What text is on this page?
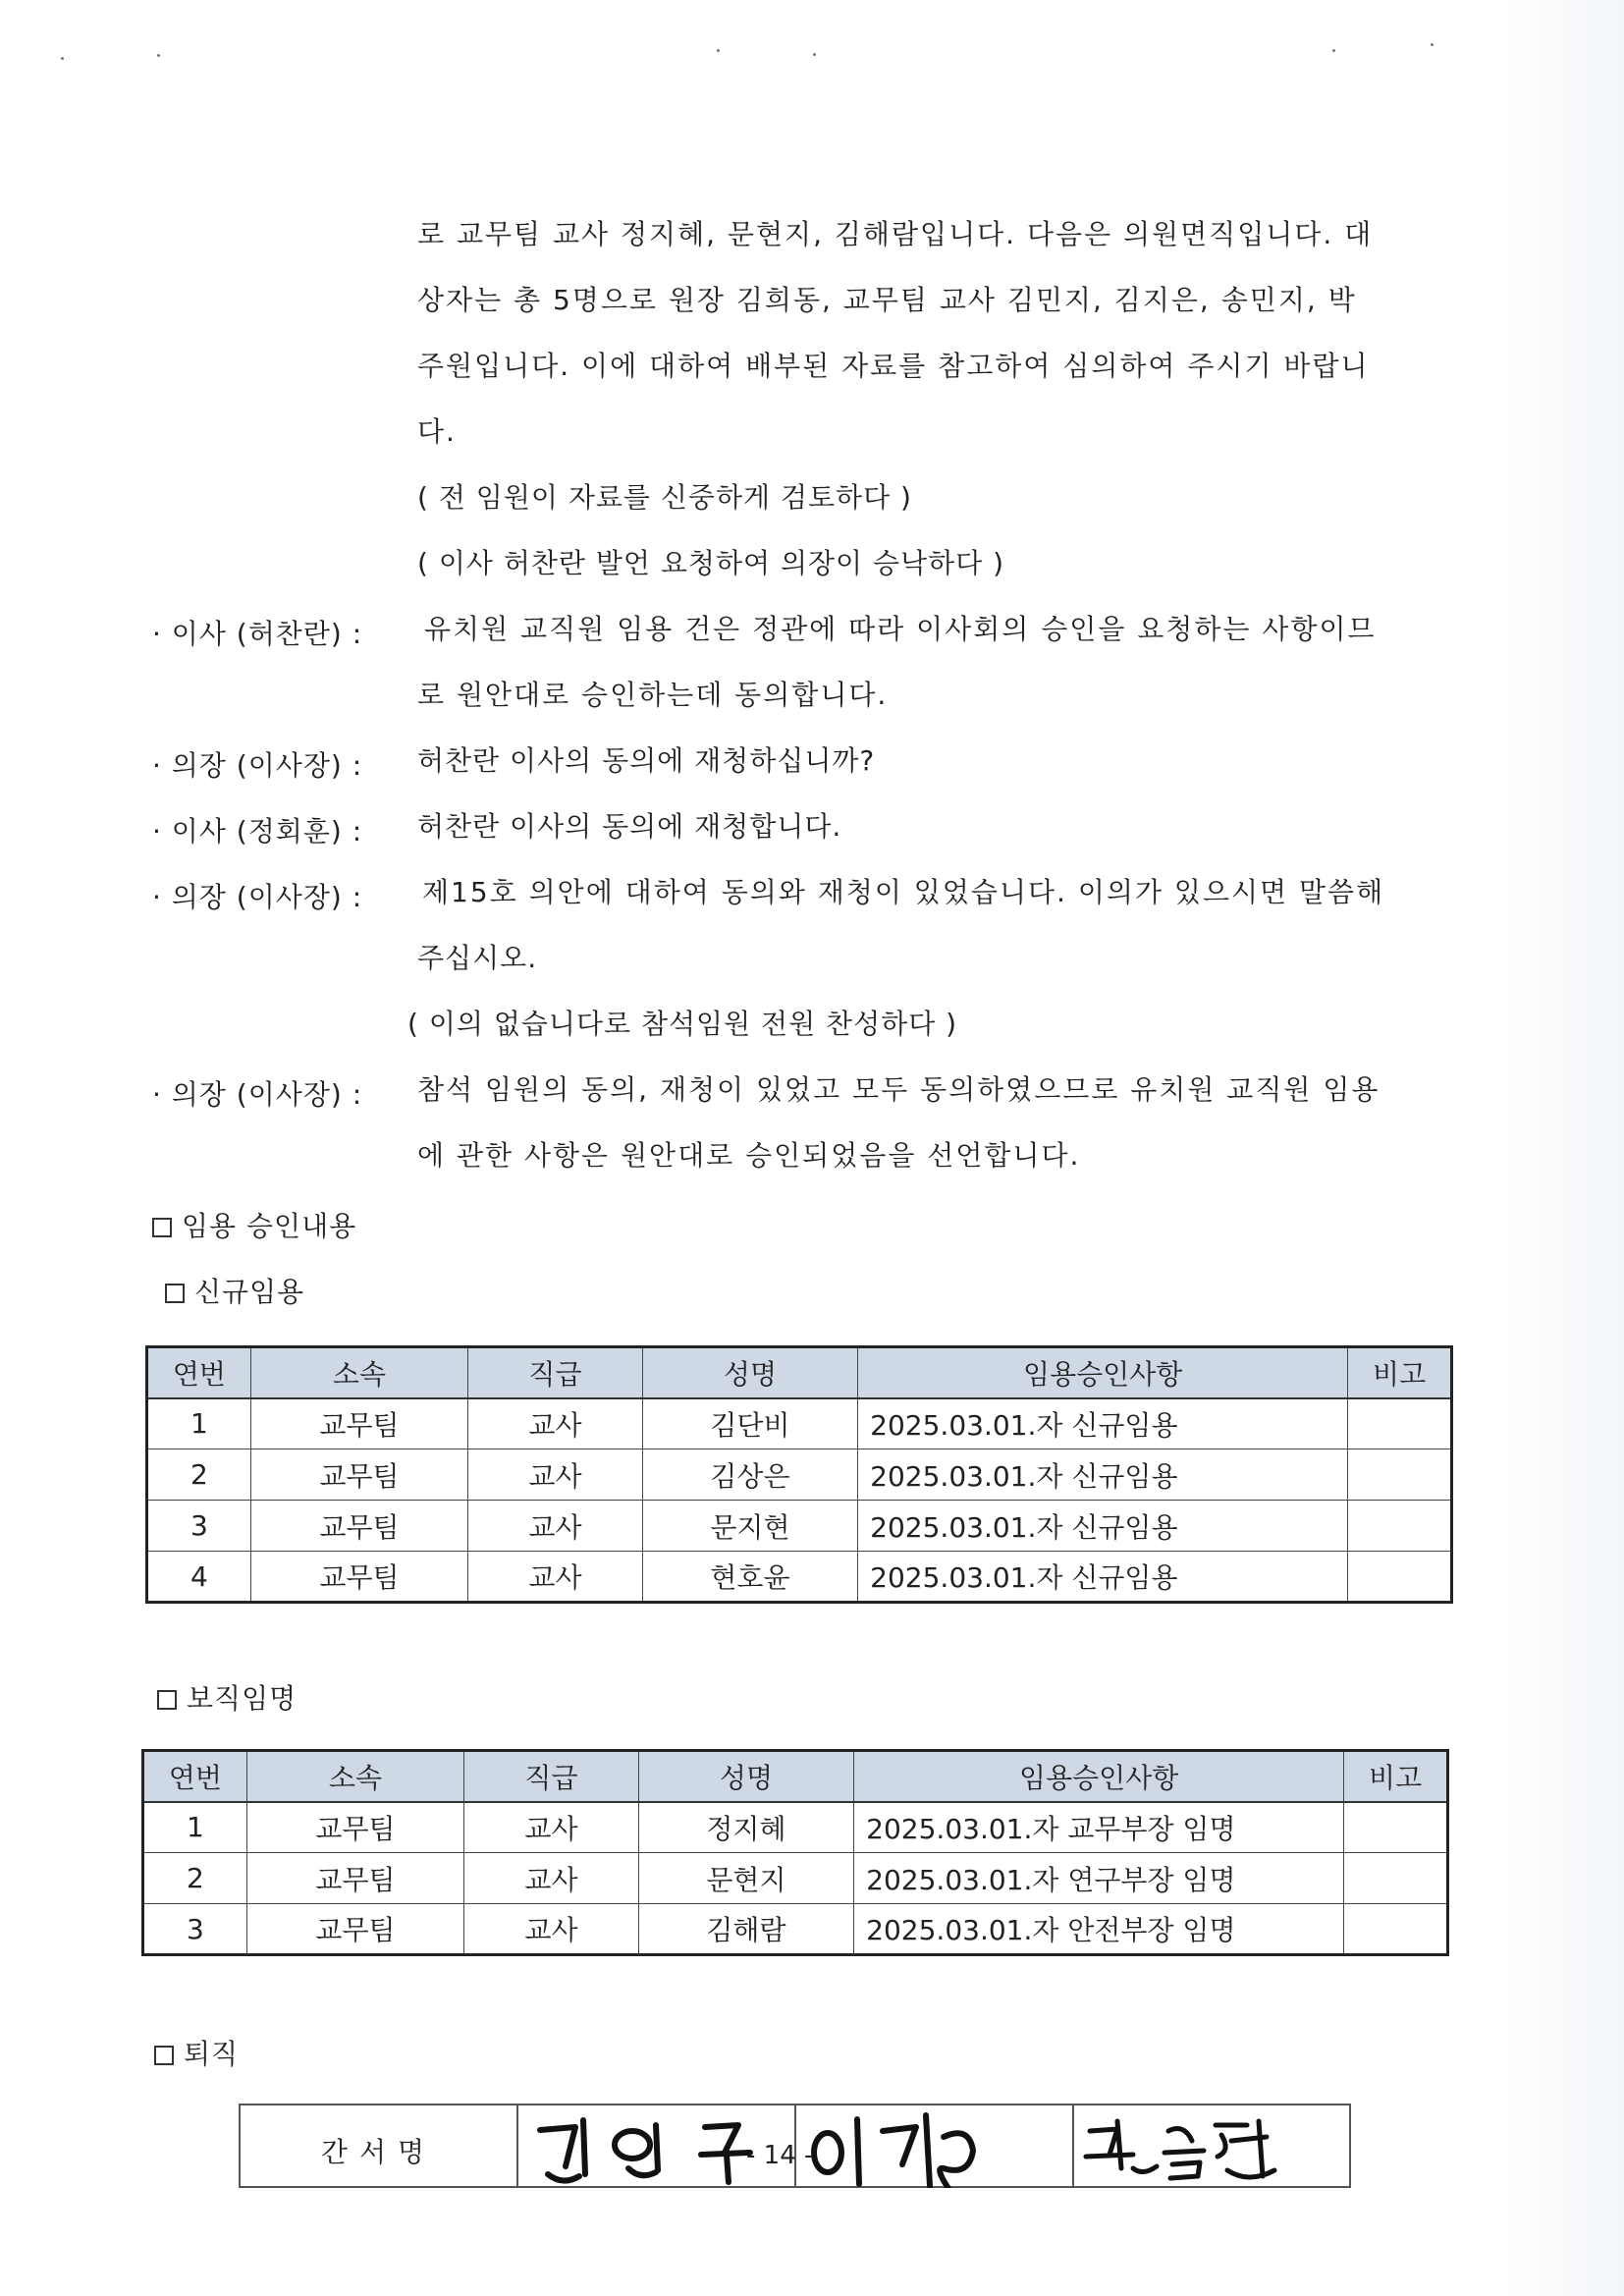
로 교무팀 교사 정지혜, 문현지, 김해람입니다. 다음은 의원면직입니다. 대
상자는 총 5명으로 원장 김희동, 교무팀 교사 김민지, 김지은, 송민지, 박
주원입니다. 이에 대하여 배부된 자료를 참고하여 심의하여 주시기 바랍니
다.
( 전 임원이 자료를 신중하게 검토하다 )
( 이사 허찬란 발언 요청하여 의장이 승낙하다 )
· 이사 (허찬란) : 유치원 교직원 임용 건은 정관에 따라 이사회의 승인을 요청하는 사항이므
로 원안대로 승인하는데 동의합니다.
· 의장 (이사장) : 허찬란 이사의 동의에 재청하십니까?
· 이사 (정회훈) : 허찬란 이사의 동의에 재청합니다.
· 의장 (이사장) : 제15호 의안에 대하여 동의와 재청이 있었습니다. 이의가 있으시면 말씀해
주십시오.
( 이의 없습니다로 참석임원 전원 찬성하다 )
· 의장 (이사장) : 참석 임원의 동의, 재청이 있었고 모두 동의하였으므로 유치원 교직원 임용
에 관한 사항은 원안대로 승인되었음을 선언합니다.
임용 승인내용
신규임용
연번	소속	직급	성명	임용승인사항	비고
1	교무팀	교사	김단비	2025.03.01.자 신규임용	
2	교무팀	교사	김상은	2025.03.01.자 신규임용	
3	교무팀	교사	문지현	2025.03.01.자 신규임용	
4	교무팀	교사	현호윤	2025.03.01.자 신규임용	
보직임명
연번	소속	직급	성명	임용승인사항	비고
1	교무팀	교사	정지혜	2025.03.01.자 교무부장 임명	
2	교무팀	교사	문현지	2025.03.01.자 연구부장 임명	
3	교무팀	교사	김해람	2025.03.01.자 안전부장 임명	
퇴직
간서명	- 14 -
